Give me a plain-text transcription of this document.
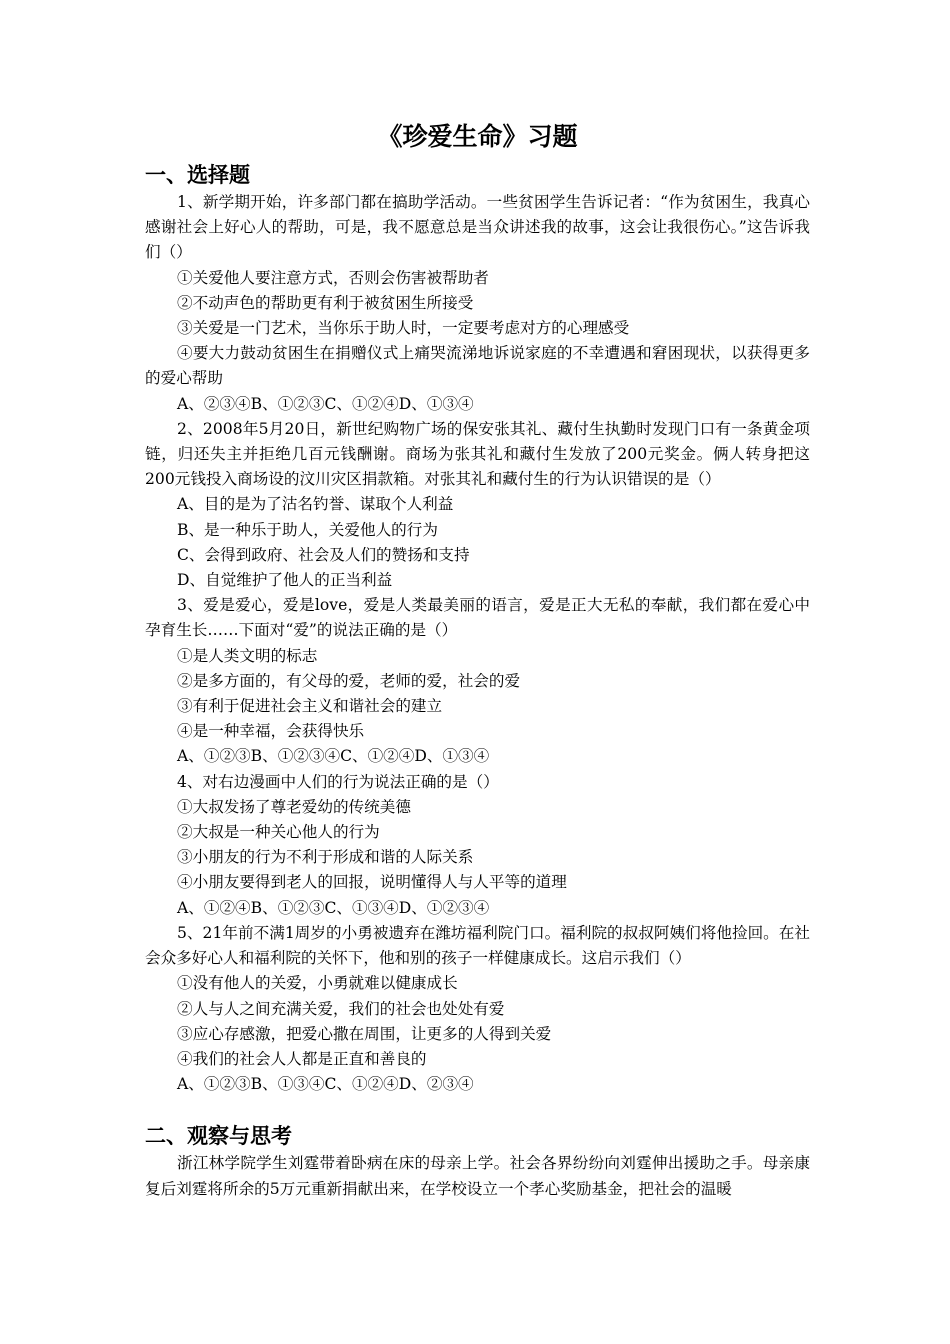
《珍爱生命》习题
一、选择题

1、新学期开始，许多部门都在搞助学活动。一些贫困学生告诉记者：“作为贫困生，我真心感谢社会上好心人的帮助，可是，我不愿意总是当众讲述我的故事，这会让我很伤心。”这告诉我们（）

①关爱他人要注意方式，否则会伤害被帮助者

②不动声色的帮助更有利于被贫困生所接受

③关爱是一门艺术，当你乐于助人时，一定要考虑对方的心理感受

④要大力鼓动贫困生在捐赠仪式上痛哭流涕地诉说家庭的不幸遭遇和窘困现状，以获得更多的爱心帮助

A、②③④B、①②③C、①②④D、①③④

2、2008年5月20日，新世纪购物广场的保安张其礼、藏付生执勤时发现门口有一条黄金项链，归还失主并拒绝几百元钱酬谢。商场为张其礼和藏付生发放了200元奖金。俩人转身把这200元钱投入商场设的汶川灾区捐款箱。对张其礼和藏付生的行为认识错误的是（）

A、目的是为了沽名钓誉、谋取个人利益

B、是一种乐于助人，关爱他人的行为

C、会得到政府、社会及人们的赞扬和支持

D、自觉维护了他人的正当利益

3、爱是爱心，爱是love，爱是人类最美丽的语言，爱是正大无私的奉献，我们都在爱心中孕育生长……下面对“爱”的说法正确的是（）

①是人类文明的标志

②是多方面的，有父母的爱，老师的爱，社会的爱

③有利于促进社会主义和谐社会的建立

④是一种幸福，会获得快乐

A、①②③B、①②③④C、①②④D、①③④

4、对右边漫画中人们的行为说法正确的是（）

①大叔发扬了尊老爱幼的传统美德

②大叔是一种关心他人的行为

③小朋友的行为不利于形成和谐的人际关系

④小朋友要得到老人的回报，说明懂得人与人平等的道理

A、①②④B、①②③C、①③④D、①②③④

5、21年前不满1周岁的小勇被遗弃在潍坊福利院门口。福利院的叔叔阿姨们将他捡回。在社会众多好心人和福利院的关怀下，他和别的孩子一样健康成长。这启示我们（）

①没有他人的关爱，小勇就难以健康成长

②人与人之间充满关爱，我们的社会也处处有爱

③应心存感激，把爱心撒在周围，让更多的人得到关爱

④我们的社会人人都是正直和善良的

A、①②③B、①③④C、①②④D、②③④

二、观察与思考

浙江林学院学生刘霆带着卧病在床的母亲上学。社会各界纷纷向刘霆伸出援助之手。母亲康复后刘霆将所余的5万元重新捐献出来，在学校设立一个孝心奖励基金，把社会的温暖
